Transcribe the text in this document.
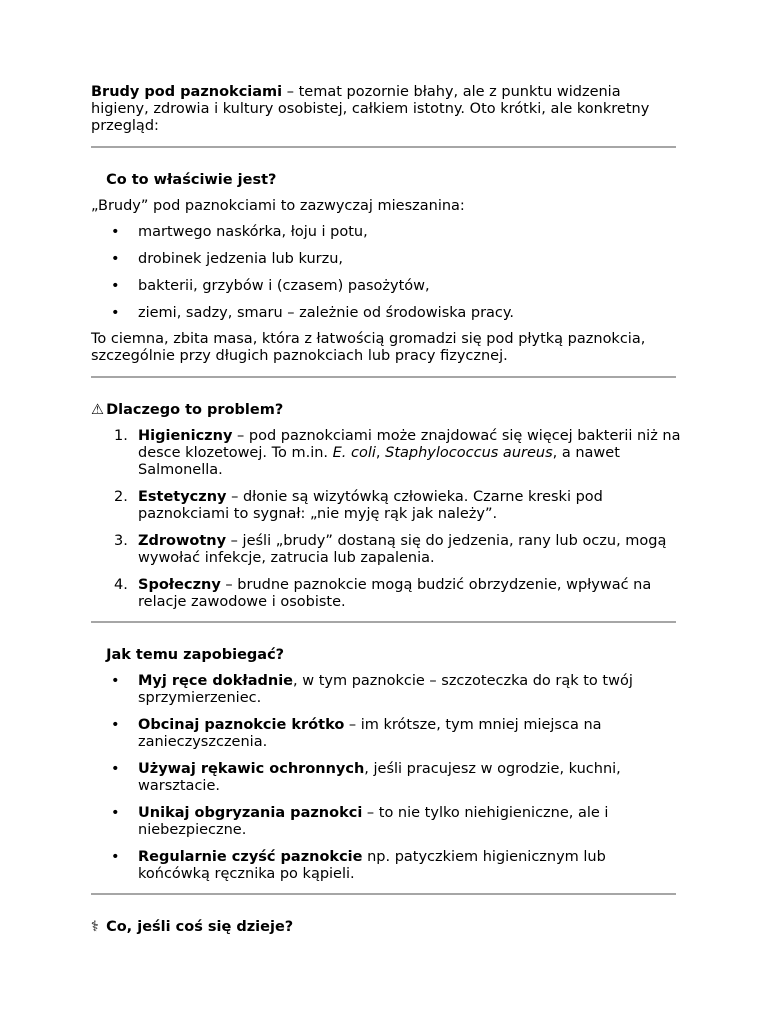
Brudy pod paznokciami – temat pozornie błahy, ale z punktu widzenia higieny, zdrowia i kultury osobistej, całkiem istotny. Oto krótki, ale konkretny przegląd:

Co to właściwie jest?

„Brudy” pod paznokciami to zazwyczaj mieszanina:

• martwego naskórka, łoju i potu,
• drobinek jedzenia lub kurzu,
• bakterii, grzybów i (czasem) pasożytów,
• ziemi, sadzy, smaru – zależnie od środowiska pracy.

To ciemna, zbita masa, która z łatwością gromadzi się pod płytką paznokcia, szczególnie przy długich paznokciach lub pracy fizycznej.

⚠ Dlaczego to problem?
1. Higieniczny – pod paznokciami może znajdować się więcej bakterii niż na desce klozetowej. To m.in. E. coli, Staphylococcus aureus, a nawet Salmonella.
2. Estetyczny – dłonie są wizytówką człowieka. Czarne kreski pod paznokciami to sygnał: „nie myję rąk jak należy”.
3. Zdrowotny – jeśli „brudy” dostaną się do jedzenia, rany lub oczu, mogą wywołać infekcje, zatrucia lub zapalenia.
4. Społeczny – brudne paznokcie mogą budzić obrzydzenie, wpływać na relacje zawodowe i osobiste.
Jak temu zapobiegać?
• Myj ręce dokładnie, w tym paznokcie – szczoteczka do rąk to twój sprzymierzeniec.
• Obcinaj paznokcie krótko – im krótsze, tym mniej miejsca na zanieczyszczenia.
• Używaj rękawic ochronnych, jeśli pracujesz w ogrodzie, kuchni, warsztacie.
• Unikaj obgryzania paznokci – to nie tylko niehigieniczne, ale i niebezpieczne.
• Regularnie czyść paznokcie np. patyczkiem higienicznym lub końcówką ręcznika po kąpieli.
⚕ Co, jeśli coś się dzieje?
